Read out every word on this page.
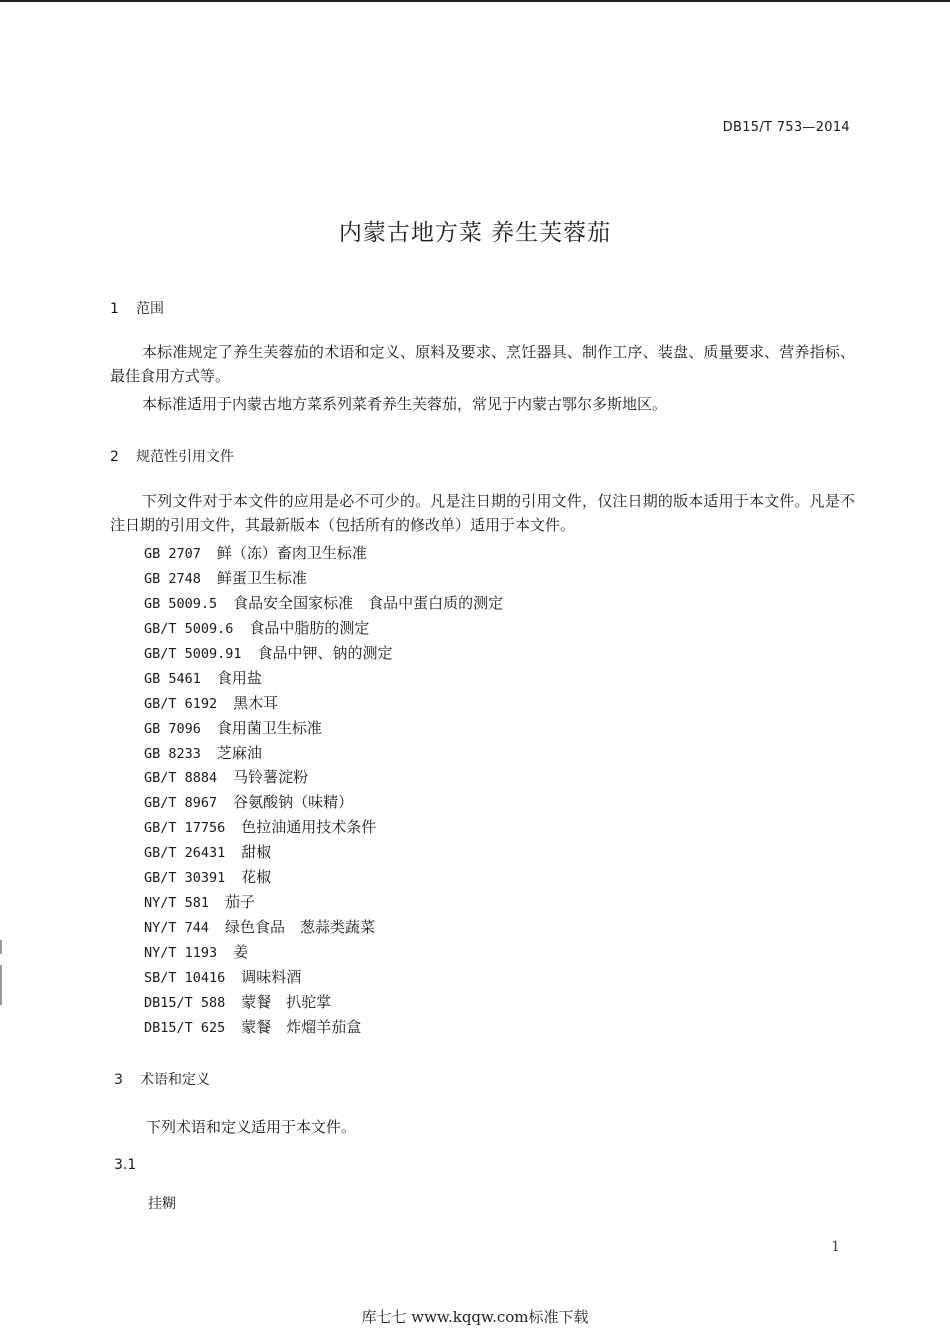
DB15/T 753—2014
内蒙古地方菜 养生芙蓉茄
1 范围

本标准规定了养生芙蓉茄的术语和定义、原料及要求、烹饪器具、制作工序、装盘、质量要求、营养指标、最佳食用方式等。

本标准适用于内蒙古地方菜系列菜肴养生芙蓉茄，常见于内蒙古鄂尔多斯地区。

2 规范性引用文件

下列文件对于本文件的应用是必不可少的。凡是注日期的引用文件，仅注日期的版本适用于本文件。凡是不注日期的引用文件，其最新版本（包括所有的修改单）适用于本文件。

GB 2707 鲜（冻）畜肉卫生标准
GB 2748 鲜蛋卫生标准
GB 5009.5 食品安全国家标准　食品中蛋白质的测定
GB/T 5009.6 食品中脂肪的测定
GB/T 5009.91 食品中钾、钠的测定
GB 5461 食用盐
GB/T 6192 黑木耳
GB 7096 食用菌卫生标准
GB 8233 芝麻油
GB/T 8884 马铃薯淀粉
GB/T 8967 谷氨酸钠（味精）
GB/T 17756 色拉油通用技术条件
GB/T 26431 甜椒
GB/T 30391 花椒
NY/T 581 茄子
NY/T 744 绿色食品　葱蒜类蔬菜
NY/T 1193 姜
SB/T 10416 调味料酒
DB15/T 588 蒙餐　扒驼掌
DB15/T 625 蒙餐　炸熘羊茄盒
3 术语和定义
下列术语和定义适用于本文件。
3.1
挂糊
1
库七七 www.kqqw.com标准下载
